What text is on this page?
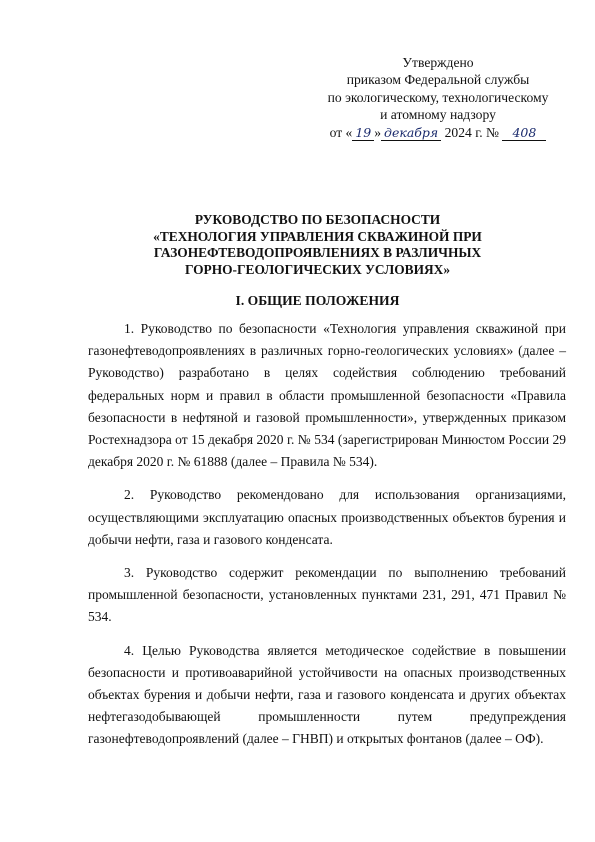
Утверждено
приказом Федеральной службы
по экологическому, технологическому
и атомному надзору
от « 19 » декабря 2024 г. № 408
РУКОВОДСТВО ПО БЕЗОПАСНОСТИ
«ТЕХНОЛОГИЯ УПРАВЛЕНИЯ СКВАЖИНОЙ ПРИ
ГАЗОНЕФТЕВОДОПРОЯВЛЕНИЯХ В РАЗЛИЧНЫХ
ГОРНО-ГЕОЛОГИЧЕСКИХ УСЛОВИЯХ»
I. ОБЩИЕ ПОЛОЖЕНИЯ

1. Руководство по безопасности «Технология управления скважиной при газонефтеводопроявлениях в различных горно-геологических условиях» (далее – Руководство) разработано в целях содействия соблюдению требований федеральных норм и правил в области промышленной безопасности «Правила безопасности в нефтяной и газовой промышленности», утвержденных приказом Ростехнадзора от 15 декабря 2020 г. № 534 (зарегистрирован Минюстом России 29 декабря 2020 г. № 61888 (далее – Правила № 534).

2. Руководство рекомендовано для использования организациями, осуществляющими эксплуатацию опасных производственных объектов бурения и добычи нефти, газа и газового конденсата.

3. Руководство содержит рекомендации по выполнению требований промышленной безопасности, установленных пунктами 231, 291, 471 Правил № 534.

4. Целью Руководства является методическое содействие в повышении безопасности и противоаварийной устойчивости на опасных производственных объектах бурения и добычи нефти, газа и газового конденсата и других объектах нефтегазодобывающей промышленности путем предупреждения газонефтеводопроявлений (далее – ГНВП) и открытых фонтанов (далее – ОФ).
